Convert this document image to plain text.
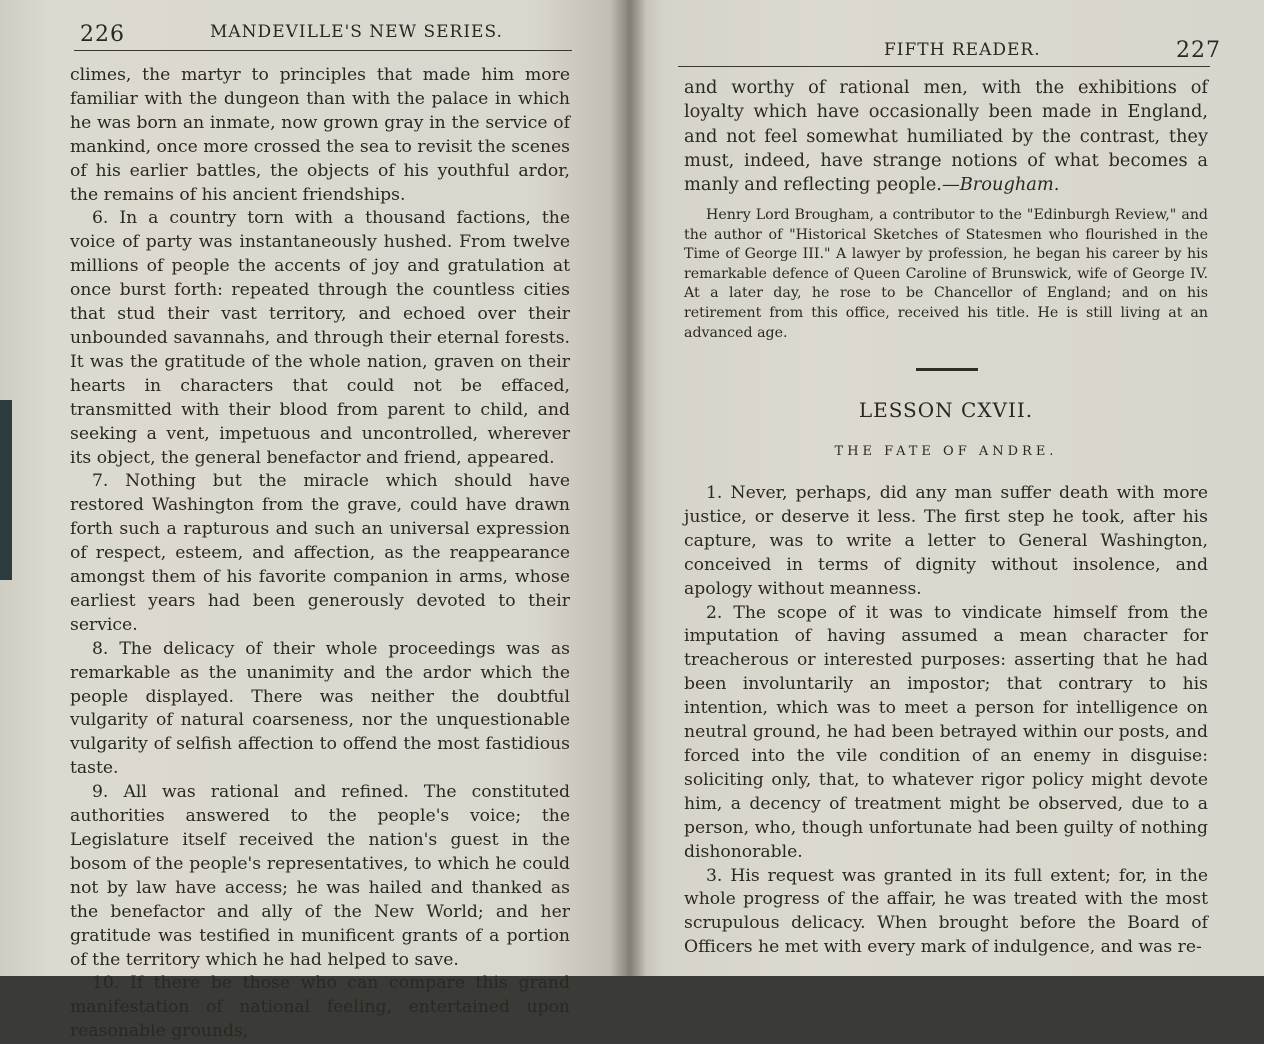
226	MANDEVILLE'S NEW SERIES.

climes, the martyr to principles that made him more familiar with the dungeon than with the palace in which he was born an inmate, now grown gray in the service of mankind, once more crossed the sea to revisit the scenes of his earlier battles, the objects of his youthful ardor, the remains of his ancient friendships.

6. In a country torn with a thousand factions, the voice of party was instantaneously hushed. From twelve millions of people the accents of joy and gratulation at once burst forth: repeated through the countless cities that stud their vast territory, and echoed over their unbounded savannahs, and through their eternal forests. It was the gratitude of the whole nation, graven on their hearts in characters that could not be effaced, transmitted with their blood from parent to child, and seeking a vent, impetuous and uncontrolled, wherever its object, the general benefactor and friend, appeared.

7. Nothing but the miracle which should have restored Washington from the grave, could have drawn forth such a rapturous and such an universal expression of respect, esteem, and affection, as the reappearance amongst them of his favorite companion in arms, whose earliest years had been generously devoted to their service.

8. The delicacy of their whole proceedings was as remarkable as the unanimity and the ardor which the people displayed. There was neither the doubtful vulgarity of natural coarseness, nor the unquestionable vulgarity of selfish affection to offend the most fastidious taste.

9. All was rational and refined. The constituted authorities answered to the people's voice; the Legislature itself received the nation's guest in the bosom of the people's representatives, to which he could not by law have access; he was hailed and thanked as the benefactor and ally of the New World; and her gratitude was testified in munificent grants of a portion of the territory which he had helped to save.

10. If there be those who can compare this grand manifestation of national feeling, entertained upon reasonable grounds,

FIFTH READER.	227

and worthy of rational men, with the exhibitions of loyalty which have occasionally been made in England, and not feel somewhat humiliated by the contrast, they must, indeed, have strange notions of what becomes a manly and reflecting people.—Brougham.

Henry Lord Brougham, a contributor to the "Edinburgh Review," and the author of "Historical Sketches of Statesmen who flourished in the Time of George III." A lawyer by profession, he began his career by his remarkable defence of Queen Caroline of Brunswick, wife of George IV. At a later day, he rose to be Chancellor of England; and on his retirement from this office, received his title. He is still living at an advanced age.

LESSON CXVII.
THE FATE OF ANDRE.

1. Never, perhaps, did any man suffer death with more justice, or deserve it less. The first step he took, after his capture, was to write a letter to General Washington, conceived in terms of dignity without insolence, and apology without meanness.

2. The scope of it was to vindicate himself from the imputation of having assumed a mean character for treacherous or interested purposes: asserting that he had been involuntarily an impostor; that contrary to his intention, which was to meet a person for intelligence on neutral ground, he had been betrayed within our posts, and forced into the vile condition of an enemy in disguise: soliciting only, that, to whatever rigor policy might devote him, a decency of treatment might be observed, due to a person, who, though unfortunate had been guilty of nothing dishonorable.

3. His request was granted in its full extent; for, in the whole progress of the affair, he was treated with the most scrupulous delicacy. When brought before the Board of Officers he met with every mark of indulgence, and was re-
